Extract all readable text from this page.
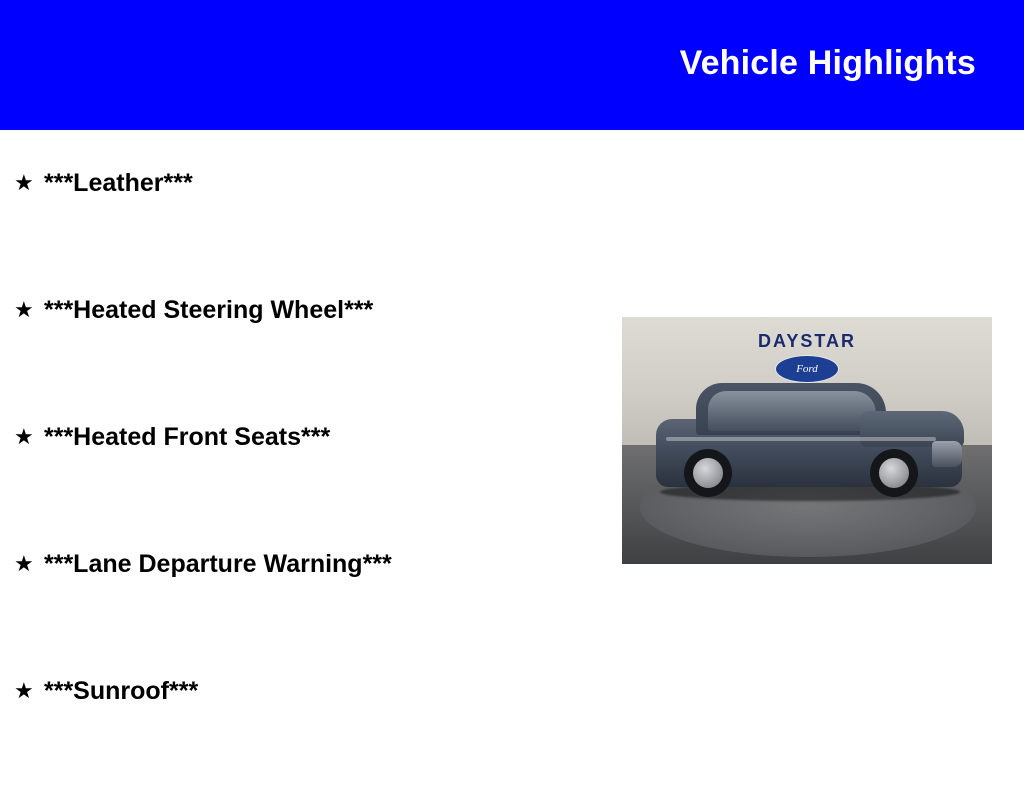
Vehicle Highlights
★ ***Leather***
★ ***Heated Steering Wheel***
★ ***Heated Front Seats***
★ ***Lane Departure Warning***
★ ***Sunroof***
DAYSTAR
Ford
